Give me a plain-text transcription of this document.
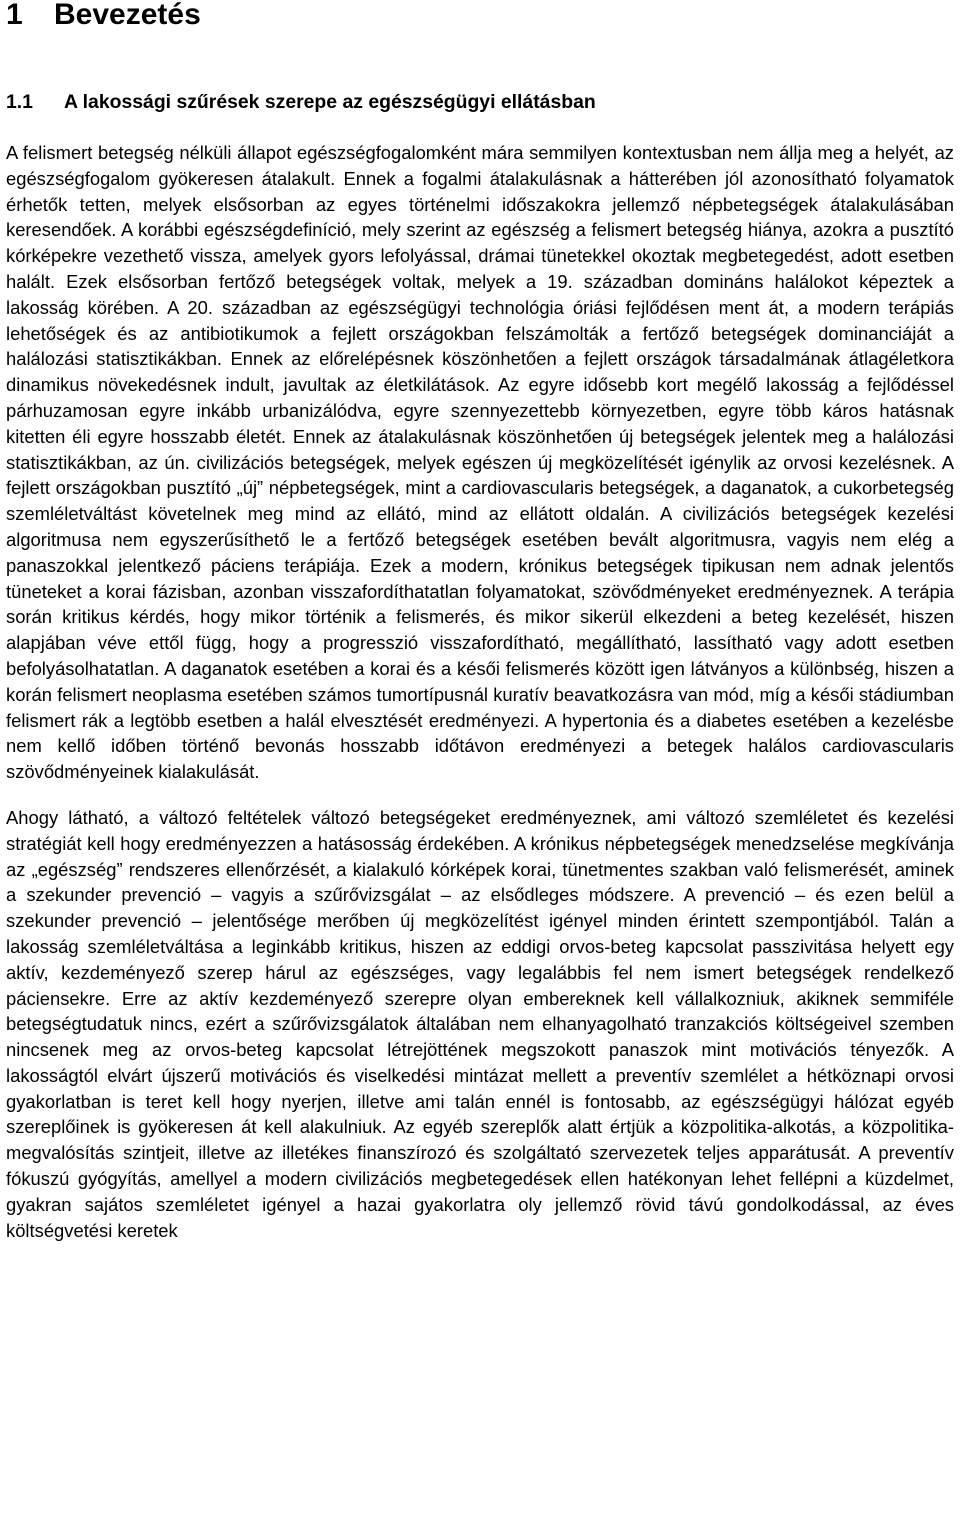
1 Bevezetés
1.1 A lakossági szűrések szerepe az egészségügyi ellátásban

A felismert betegség nélküli állapot egészségfogalomként mára semmilyen kontextusban nem állja meg a helyét, az egészségfogalom gyökeresen átalakult. Ennek a fogalmi átalakulásnak a hátterében jól azonosítható folyamatok érhetők tetten, melyek elsősorban az egyes történelmi időszakokra jellemző népbetegségek átalakulásában keresendőek. A korábbi egészségdefiníció, mely szerint az egészség a felismert betegség hiánya, azokra a pusztító kórképekre vezethető vissza, amelyek gyors lefolyással, drámai tünetekkel okoztak megbetegedést, adott esetben halált. Ezek elsősorban fertőző betegségek voltak, melyek a 19. században domináns halálokot képeztek a lakosság körében. A 20. században az egészségügyi technológia óriási fejlődésen ment át, a modern terápiás lehetőségek és az antibiotikumok a fejlett országokban felszámolták a fertőző betegségek dominanciáját a halálozási statisztikákban. Ennek az előrelépésnek köszönhetően a fejlett országok társadalmának átlagéletkora dinamikus növekedésnek indult, javultak az életkilátások. Az egyre idősebb kort megélő lakosság a fejlődéssel párhuzamosan egyre inkább urbanizálódva, egyre szennyezettebb környezetben, egyre több káros hatásnak kitetten éli egyre hosszabb életét. Ennek az átalakulásnak köszönhetően új betegségek jelentek meg a halálozási statisztikákban, az ún. civilizációs betegségek, melyek egészen új megközelítését igénylik az orvosi kezelésnek. A fejlett országokban pusztító „új” népbetegségek, mint a cardiovascularis betegségek, a daganatok, a cukorbetegség szemléletváltást követelnek meg mind az ellátó, mind az ellátott oldalán. A civilizációs betegségek kezelési algoritmusa nem egyszerűsíthető le a fertőző betegségek esetében bevált algoritmusra, vagyis nem elég a panaszokkal jelentkező páciens terápiája. Ezek a modern, krónikus betegségek tipikusan nem adnak jelentős tüneteket a korai fázisban, azonban visszafordíthatatlan folyamatokat, szövődményeket eredményeznek. A terápia során kritikus kérdés, hogy mikor történik a felismerés, és mikor sikerül elkezdeni a beteg kezelését, hiszen alapjában véve ettől függ, hogy a progresszió visszafordítható, megállítható, lassítható vagy adott esetben befolyásolhatatlan. A daganatok esetében a korai és a késői felismerés között igen látványos a különbség, hiszen a korán felismert neoplasma esetében számos tumortípusnál kuratív beavatkozásra van mód, míg a késői stádiumban felismert rák a legtöbb esetben a halál elvesztését eredményezi. A hypertonia és a diabetes esetében a kezelésbe nem kellő időben történő bevonás hosszabb időtávon eredményezi a betegek halálos cardiovascularis szövődményeinek kialakulását.

Ahogy látható, a változó feltételek változó betegségeket eredményeznek, ami változó szemléletet és kezelési stratégiát kell hogy eredményezzen a hatásosság érdekében. A krónikus népbetegségek menedzselése megkívánja az „egészség” rendszeres ellenőrzését, a kialakuló kórképek korai, tünetmentes szakban való felismerését, aminek a szekunder prevenció – vagyis a szűrővizsgálat – az elsődleges módszere. A prevenció – és ezen belül a szekunder prevenció – jelentősége merőben új megközelítést igényel minden érintett szempontjából. Talán a lakosság szemléletváltása a leginkább kritikus, hiszen az eddigi orvos-beteg kapcsolat passzivitása helyett egy aktív, kezdeményező szerep hárul az egészséges, vagy legalábbis fel nem ismert betegségek rendelkező páciensekre. Erre az aktív kezdeményező szerepre olyan embereknek kell vállalkozniuk, akiknek semmiféle betegségtudatuk nincs, ezért a szűrővizsgálatok általában nem elhanyagolható tranzakciós költségeivel szemben nincsenek meg az orvos-beteg kapcsolat létrejöttének megszokott panaszok mint motivációs tényezők. A lakosságtól elvárt újszerű motivációs és viselkedési mintázat mellett a preventív szemlélet a hétköznapi orvosi gyakorlatban is teret kell hogy nyerjen, illetve ami talán ennél is fontosabb, az egészségügyi hálózat egyéb szereplőinek is gyökeresen át kell alakulniuk. Az egyéb szereplők alatt értjük a közpolitika-alkotás, a közpolitika-megvalósítás szintjeit, illetve az illetékes finanszírozó és szolgáltató szervezetek teljes apparátusát. A preventív fókuszú gyógyítás, amellyel a modern civilizációs megbetegedések ellen hatékonyan lehet fellépni a küzdelmet, gyakran sajátos szemléletet igényel a hazai gyakorlatra oly jellemző rövid távú gondolkodással, az éves költségvetési keretek
